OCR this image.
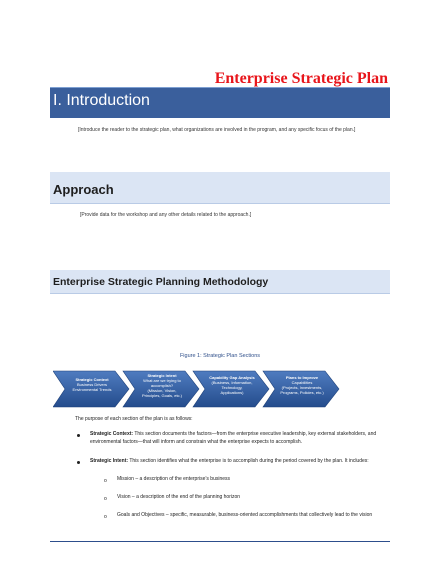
Enterprise Strategic Plan
I. Introduction
[Introduce the reader to the strategic plan, what organizations are involved in the program, and any specific focus of the plan.]
Approach
[Provide data for the workshop and any other details related to the approach.]
Enterprise Strategic Planning Methodology
Figure 1: Strategic Plan Sections
Strategic Context
Business Drivers
Environmental Trends
Strategic Intent
What are we trying to
accomplish?
(Mission, Vision,
Principles, Goals, etc.)
Capability Gap Analysis
(Business, Information,
Technology,
Applications)
Plans to Improve
Capabilities
(Projects, Investments,
Programs, Policies, etc.)
The purpose of each section of the plan is as follows:
Strategic Context: This section documents the factors—from the enterprise executive leadership, key external stakeholders, and
environmental factors—that will inform and constrain what the enterprise expects to accomplish.
Strategic Intent: This section identifies what the enterprise is to accomplish during the period covered by the plan. It includes:
o Mission – a description of the enterprise’s business
o Vision – a description of the end of the planning horizon
o Goals and Objectives – specific, measurable, business-oriented accomplishments that collectively lead to the vision
